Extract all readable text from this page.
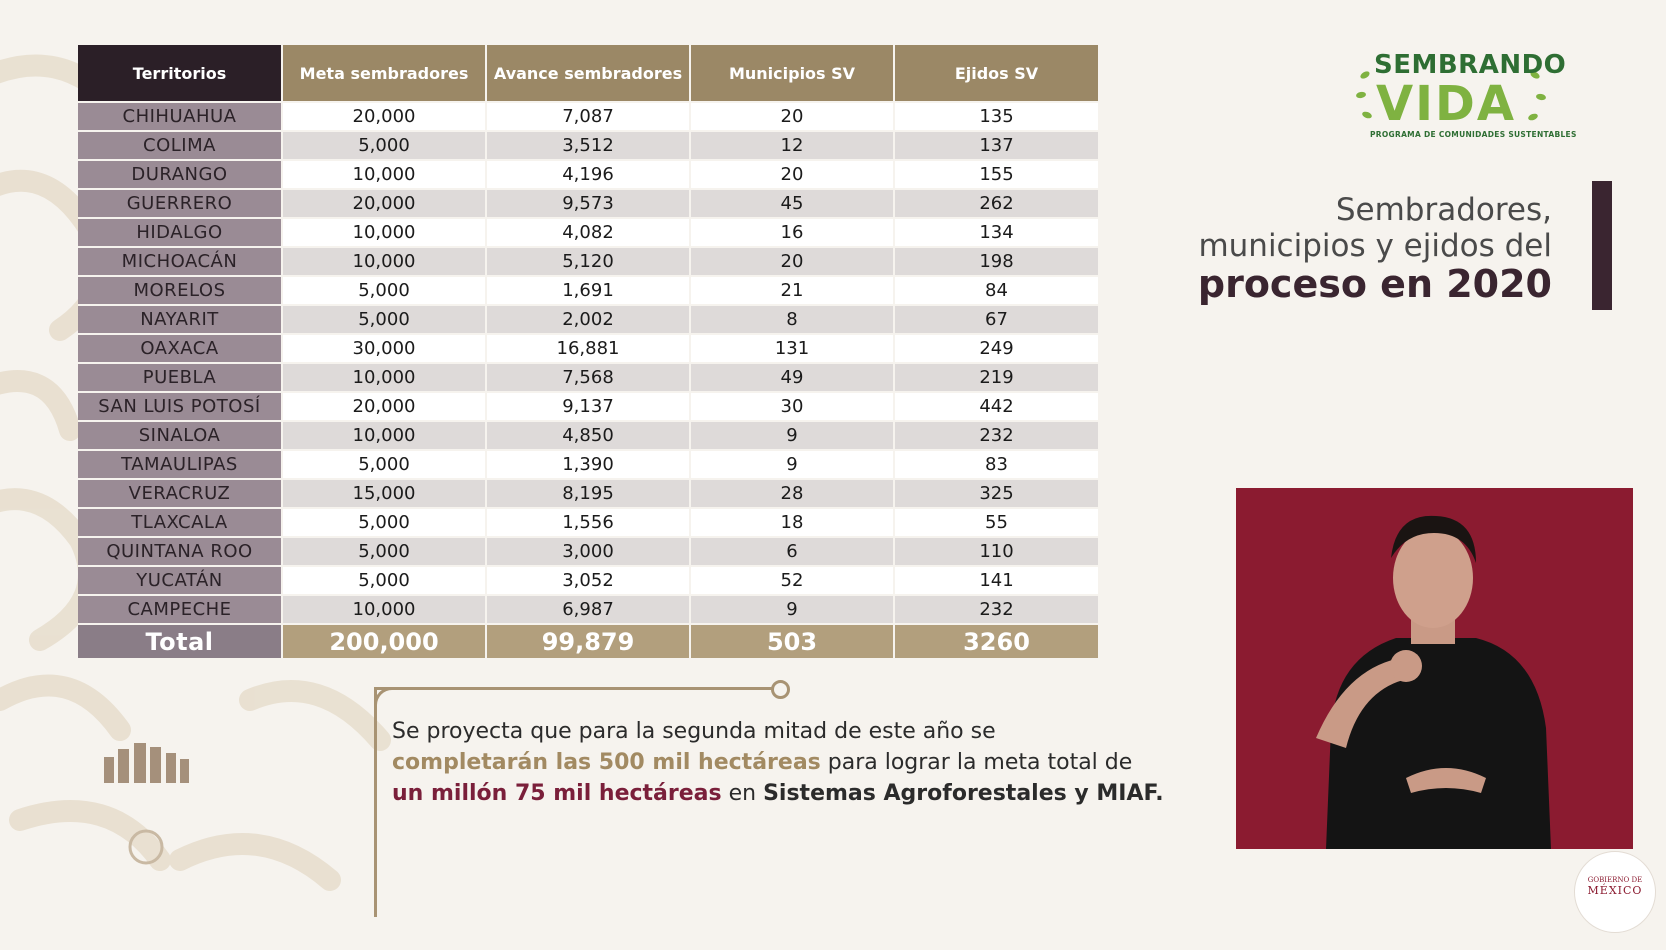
Territorios	Meta sembradores	Avance sembradores	Municipios SV	Ejidos SV
CHIHUAHUA	20,000	7,087	20	135
COLIMA	5,000	3,512	12	137
DURANGO	10,000	4,196	20	155
GUERRERO	20,000	9,573	45	262
HIDALGO	10,000	4,082	16	134
MICHOACÁN	10,000	5,120	20	198
MORELOS	5,000	1,691	21	84
NAYARIT	5,000	2,002	8	67
OAXACA	30,000	16,881	131	249
PUEBLA	10,000	7,568	49	219
SAN LUIS POTOSÍ	20,000	9,137	30	442
SINALOA	10,000	4,850	9	232
TAMAULIPAS	5,000	1,390	9	83
VERACRUZ	15,000	8,195	28	325
TLAXCALA	5,000	1,556	18	55
QUINTANA ROO	5,000	3,000	6	110
YUCATÁN	5,000	3,052	52	141
CAMPECHE	10,000	6,987	9	232
Total	200,000	99,879	503	3260
Se proyecta que para la segunda mitad de este año se
completarán las 500 mil hectáreas para lograr la meta total de
un millón 75 mil hectáreas en Sistemas Agroforestales y MIAF.
SEMBRANDO
VIDA
PROGRAMA DE COMUNIDADES SUSTENTABLES
Sembradores,
municipios y ejidos del
proceso en 2020
GOBIERNO DE
MÉXICO
